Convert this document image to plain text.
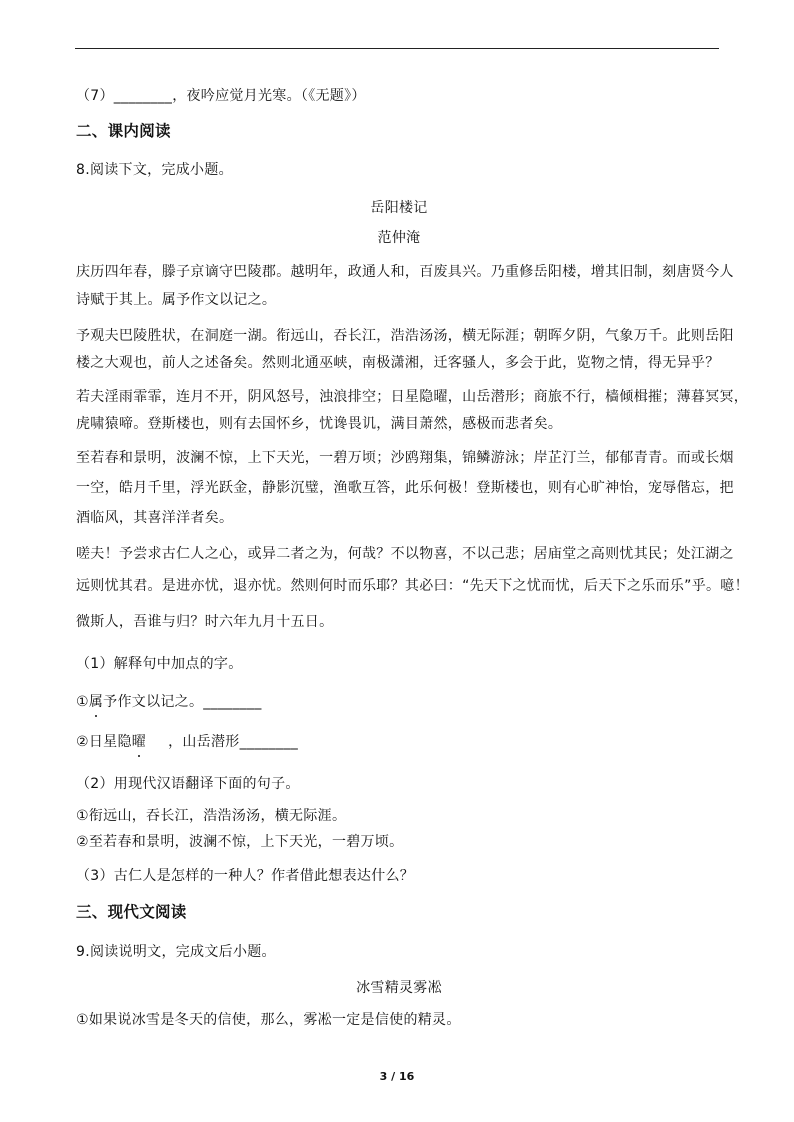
（7）________，夜吟应觉月光寒。（《无题》）
二、课内阅读
8.阅读下文，完成小题。
岳阳楼记
范仲淹
庆历四年春，滕子京谪守巴陵郡。越明年，政通人和，百废具兴。乃重修岳阳楼，增其旧制，刻唐贤今人
诗赋于其上。属予作文以记之。
予观夫巴陵胜状，在洞庭一湖。衔远山，吞长江，浩浩汤汤，横无际涯；朝晖夕阴，气象万千。此则岳阳
楼之大观也，前人之述备矣。然则北通巫峡，南极潇湘，迁客骚人，多会于此，览物之情，得无异乎？
若夫淫雨霏霏，连月不开，阴风怒号，浊浪排空；日星隐曜，山岳潜形；商旅不行，樯倾楫摧；薄暮冥冥，
虎啸猿啼。登斯楼也，则有去国怀乡，忧谗畏讥，满目萧然，感极而悲者矣。
至若春和景明，波澜不惊，上下天光，一碧万顷；沙鸥翔集，锦鳞游泳；岸芷汀兰，郁郁青青。而或长烟
一空，皓月千里，浮光跃金，静影沉璧，渔歌互答，此乐何极！登斯楼也，则有心旷神怡，宠辱偕忘，把
酒临风，其喜洋洋者矣。
嗟夫！予尝求古仁人之心，或异二者之为，何哉？不以物喜，不以己悲；居庙堂之高则忧其民；处江湖之
远则忧其君。是进亦忧，退亦忧。然则何时而乐耶？其必曰：“先天下之忧而忧，后天下之乐而乐”乎。噫！
微斯人，吾谁与归？时六年九月十五日。
（1）解释句中加点的字。
①属予作文以记之。________
②日星隐曜 ，山岳潜形________
（2）用现代汉语翻译下面的句子。
①衔远山，吞长江，浩浩汤汤，横无际涯。
②至若春和景明，波澜不惊，上下天光，一碧万顷。
（3）古仁人是怎样的一种人？作者借此想表达什么？
三、现代文阅读
9.阅读说明文，完成文后小题。
冰雪精灵雾凇
①如果说冰雪是冬天的信使，那么，雾凇一定是信使的精灵。
3 / 16
